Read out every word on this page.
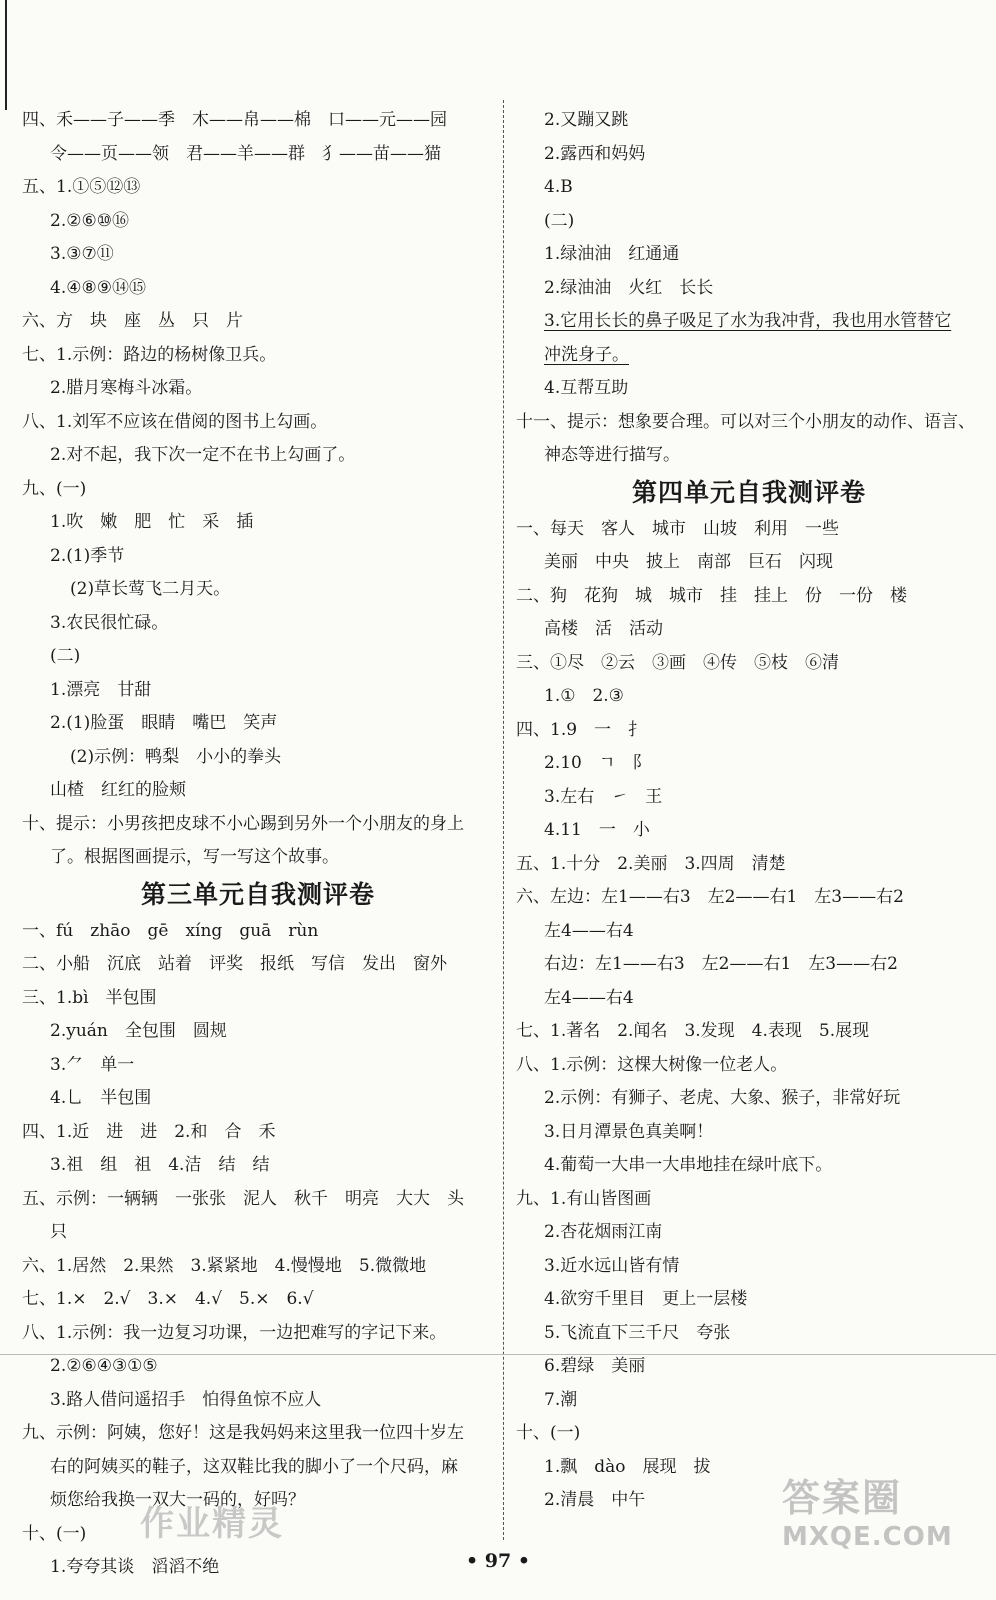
四、禾——子——季　木——帛——棉　口——元——园
令——页——领　君——羊——群　犭——苗——猫
五、1.①⑤⑫⑬
2.②⑥⑩⑯
3.③⑦⑪
4.④⑧⑨⑭⑮
六、方　块　座　丛　只　片
七、1.示例：路边的杨树像卫兵。
2.腊月寒梅斗冰霜。
八、1.刘军不应该在借阅的图书上勾画。
2.对不起，我下次一定不在书上勾画了。
九、(一)
1.吹　嫩　肥　忙　采　插
2.(1)季节
(2)草长莺飞二月天。
3.农民很忙碌。
(二)
1.漂亮　甘甜
2.(1)脸蛋　眼睛　嘴巴　笑声
(2)示例：鸭梨　小小的拳头
山楂　红红的脸颊
十、提示：小男孩把皮球不小心踢到另外一个小朋友的身上
了。根据图画提示，写一写这个故事。
第三单元自我测评卷
一、fú　zhāo　gē　xíng　guā　rùn
二、小船　沉底　站着　评奖　报纸　写信　发出　窗外
三、1.bì　半包围
2.yuán　全包围　圆规
3.⺈　单一
4.乚　半包围
四、1.近　进　进　2.和　合　禾
3.祖　组　祖　4.洁　结　结
五、示例：一辆辆　一张张　泥人　秋千　明亮　大大　头
只
六、1.居然　2.果然　3.紧紧地　4.慢慢地　5.微微地
七、1.×　2.√　3.×　4.√　5.×　6.√
八、1.示例：我一边复习功课，一边把难写的字记下来。
2.②⑥④③①⑤
3.路人借问遥招手　怕得鱼惊不应人
九、示例：阿姨，您好！这是我妈妈来这里我一位四十岁左
右的阿姨买的鞋子，这双鞋比我的脚小了一个尺码，麻
烦您给我换一双大一码的，好吗？
十、(一)
1.夸夸其谈　滔滔不绝
2.又蹦又跳
2.露西和妈妈
4.B
(二)
1.绿油油　红通通
2.绿油油　火红　长长
3.它用长长的鼻子吸足了水为我冲背，我也用水管替它
冲洗身子。
4.互帮互助
十一、提示：想象要合理。可以对三个小朋友的动作、语言、
神态等进行描写。
第四单元自我测评卷
一、每天　客人　城市　山坡　利用　一些
美丽　中央　披上　南部　巨石　闪现
二、狗　花狗　城　城市　挂　挂上　份　一份　楼
高楼　活　活动
三、①尽　②云　③画　④传　⑤枝　⑥清
1.①　2.③
四、1.9　一　扌
2.10　ㄱ　阝
3.左右　㇀　王
4.11　一　小
五、1.十分　2.美丽　3.四周　清楚
六、左边：左1——右3　左2——右1　左3——右2
左4——右4
右边：左1——右3　左2——右1　左3——右2
左4——右4
七、1.著名　2.闻名　3.发现　4.表现　5.展现
八、1.示例：这棵大树像一位老人。
2.示例：有狮子、老虎、大象、猴子，非常好玩
3.日月潭景色真美啊！
4.葡萄一大串一大串地挂在绿叶底下。
九、1.有山皆图画
2.杏花烟雨江南
3.近水远山皆有情
4.欲穷千里目　更上一层楼
5.飞流直下三千尺　夸张
6.碧绿　美丽
7.潮
十、(一)
1.飘　dào　展现　拔
2.清晨　中午
• 97 •
作业精灵
答案圈
MXQE.COM
